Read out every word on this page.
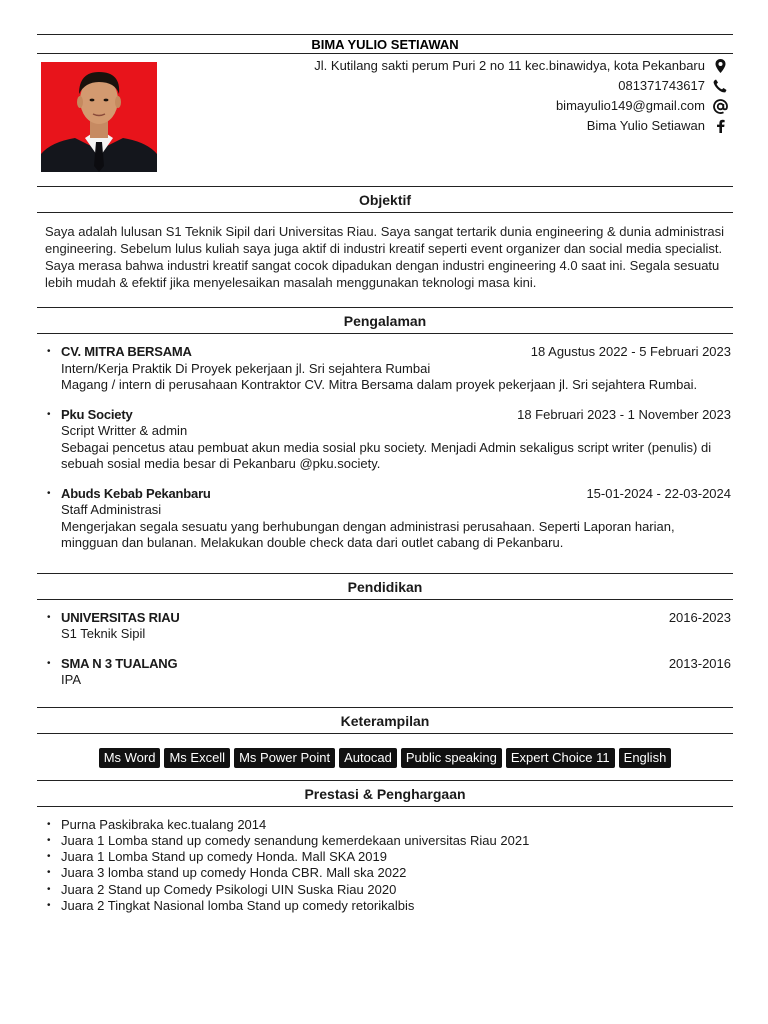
BIMA YULIO SETIAWAN
Jl. Kutilang sakti perum Puri 2 no 11 kec.binawidya, kota Pekanbaru
081371743617
bimayulio149@gmail.com
Bima Yulio Setiawan
Objektif
Saya adalah lulusan S1 Teknik Sipil dari Universitas Riau. Saya sangat tertarik dunia engineering & dunia administrasi engineering. Sebelum lulus kuliah saya juga aktif di industri kreatif seperti event organizer dan social media specialist. Saya merasa bahwa industri kreatif sangat cocok dipadukan dengan industri engineering 4.0 saat ini. Segala sesuatu lebih mudah & efektif jika menyelesaikan masalah menggunakan teknologi masa kini.
Pengalaman
• CV. MITRA BERSAMA	18 Agustus 2022 - 5 Februari 2023
Intern/Kerja Praktik Di Proyek pekerjaan jl. Sri sejahtera Rumbai
Magang / intern di perusahaan Kontraktor CV. Mitra Bersama dalam proyek pekerjaan jl. Sri sejahtera Rumbai.
• Pku Society	18 Februari 2023 - 1 November 2023
Script Writter & admin
Sebagai pencetus atau pembuat akun media sosial pku society. Menjadi Admin sekaligus script writer (penulis) di sebuah sosial media besar di Pekanbaru @pku.society.
• Abuds Kebab Pekanbaru	15-01-2024 - 22-03-2024
Staff Administrasi
Mengerjakan segala sesuatu yang berhubungan dengan administrasi perusahaan. Seperti Laporan harian, mingguan dan bulanan. Melakukan double check data dari outlet cabang di Pekanbaru.
Pendidikan
• UNIVERSITAS RIAU	2016-2023
S1 Teknik Sipil
• SMA N 3 TUALANG	2013-2016
IPA
Keterampilan
Ms Word	Ms Excell	Ms Power Point	Autocad	Public speaking	Expert Choice 11	English
Prestasi & Penghargaan
• Purna Paskibraka kec.tualang 2014
• Juara 1 Lomba stand up comedy senandung kemerdekaan universitas Riau 2021
• Juara 1 Lomba Stand up comedy Honda. Mall SKA 2019
• Juara 3 lomba stand up comedy Honda CBR. Mall ska 2022
• Juara 2 Stand up Comedy Psikologi UIN Suska Riau 2020
• Juara 2 Tingkat Nasional lomba Stand up comedy retorikalbis
